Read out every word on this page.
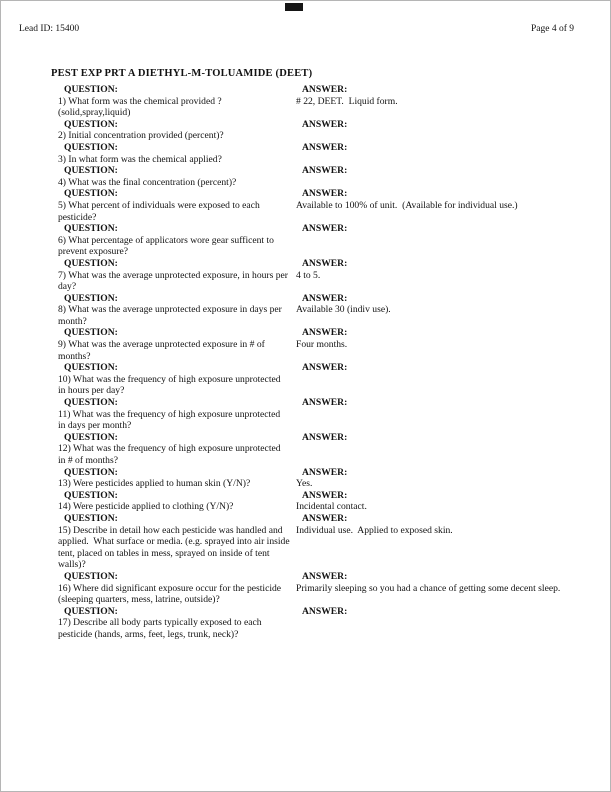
Lead ID: 15400	Page 4 of 9
PEST EXP PRT A DIETHYL-M-TOLUAMIDE (DEET)
QUESTION:
1) What form was the chemical provided ?(solid,spray,liquid)
ANSWER:
# 22, DEET.  Liquid form.
QUESTION:
2) Initial concentration provided (percent)?
ANSWER:
QUESTION:
3) In what form was the chemical applied?
ANSWER:
QUESTION:
4) What was the final concentration (percent)?
ANSWER:
QUESTION:
5) What percent of individuals were exposed to each pesticide?
ANSWER:
Available to 100% of unit.  (Available for individual use.)
QUESTION:
6) What percentage of applicators wore gear sufficent to prevent exposure?
ANSWER:
QUESTION:
7) What was the average unprotected exposure, in hours per day?
ANSWER:
4 to 5.
QUESTION:
8) What was the average unprotected exposure in days per month?
ANSWER:
Available 30 (indiv use).
QUESTION:
9) What was the average unprotected exposure in # of months?
ANSWER:
Four months.
QUESTION:
10) What was the frequency of high exposure unprotected in hours per day?
ANSWER:
QUESTION:
11) What was the frequency of high exposure unprotected in days per month?
ANSWER:
QUESTION:
12) What was the frequency of high exposure unprotected in # of months?
ANSWER:
QUESTION:
13) Were pesticides applied to human skin (Y/N)?
ANSWER:
Yes.
QUESTION:
14) Were pesticide applied to clothing (Y/N)?
ANSWER:
Incidental contact.
QUESTION:
15) Describe in detail how each pesticide was handled and applied.  What surface or media. (e.g. sprayed into air inside tent, placed on tables in mess, sprayed on inside of tent walls)?
ANSWER:
Individual use.  Applied to exposed skin.
QUESTION:
16) Where did significant exposure occur for the pesticide (sleeping quarters, mess, latrine, outside)?
ANSWER:
Primarily sleeping so you had a chance of getting some decent sleep.
QUESTION:
17) Describe all body parts typically exposed to each pesticide (hands, arms, feet, legs, trunk, neck)?
ANSWER:
